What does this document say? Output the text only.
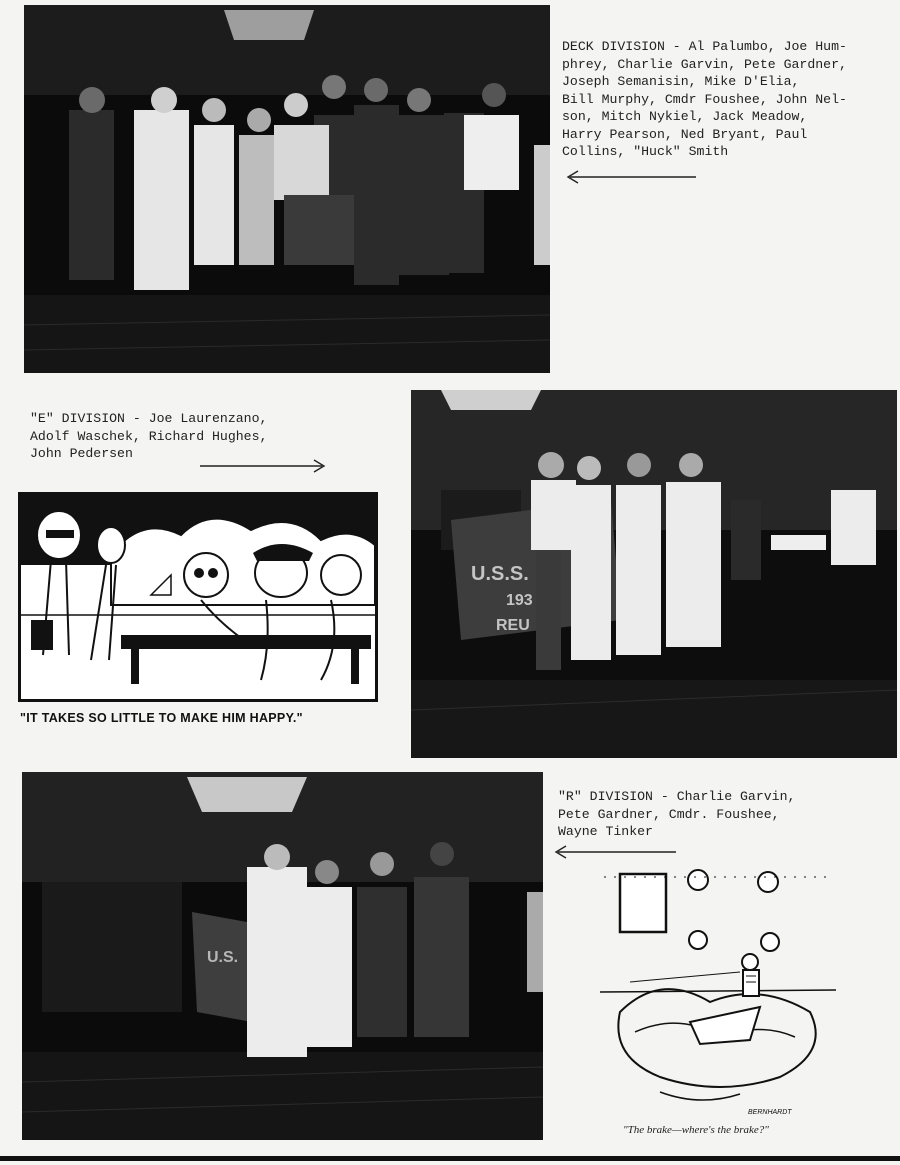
DECK DIVISION - Al Palumbo, Joe Hum-
phrey, Charlie Garvin, Pete Gardner,
Joseph Semanisin, Mike D'Elia,
Bill Murphy, Cmdr Foushee, John Nel-
son, Mitch Nykiel, Jack Meadow,
Harry Pearson, Ned Bryant, Paul
Collins, "Huck" Smith
"E" DIVISION - Joe Laurenzano,
Adolf Waschek, Richard Hughes,
John Pedersen
"IT TAKES SO LITTLE TO MAKE HIM HAPPY."
U.S.S.
193
REU
U.S.
"R" DIVISION - Charlie Garvin,
Pete Gardner, Cmdr. Foushee,
Wayne Tinker
BERNHARDT
"The brake—where's the brake?"
